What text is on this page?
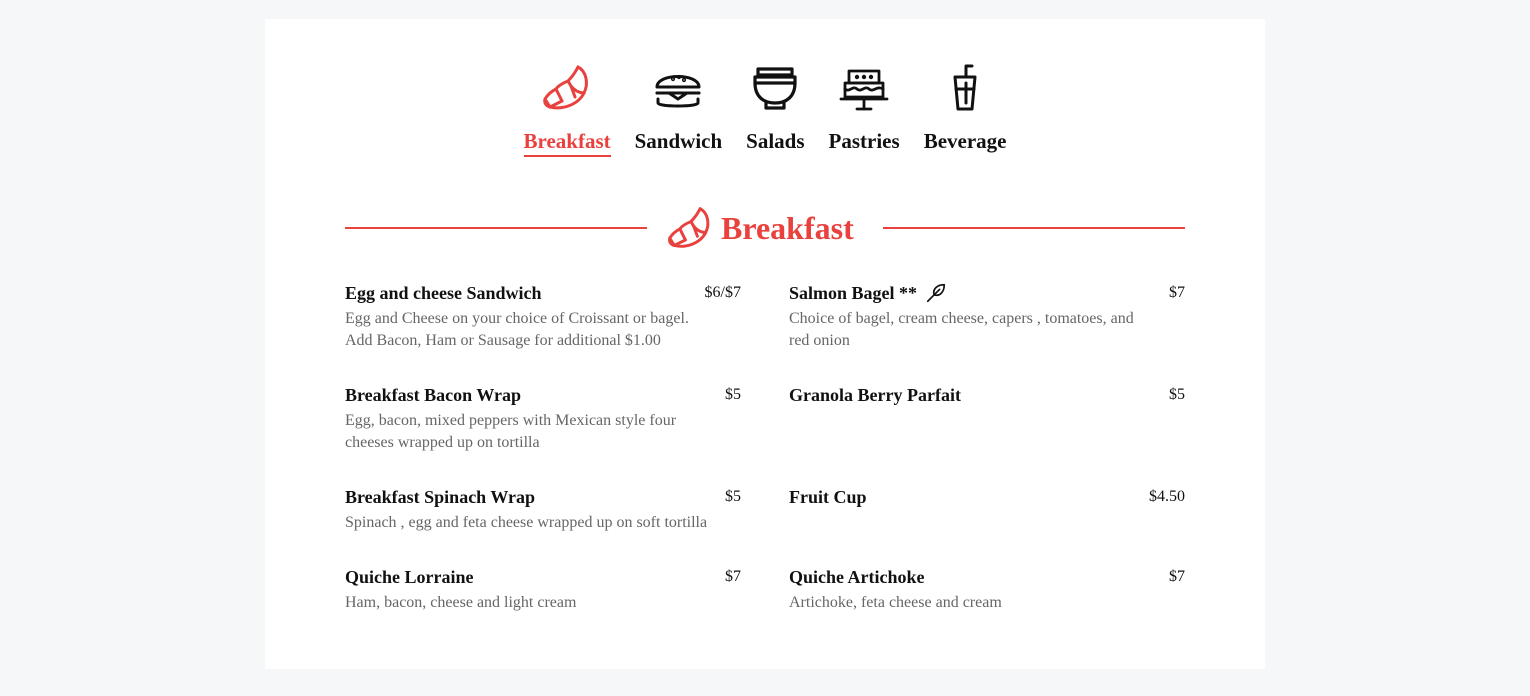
Breakfast Sandwich Salads Pastries Beverage
Breakfast
Egg and cheese Sandwich	$6/$7
Egg and Cheese on your choice of Croissant or bagel. Add Bacon, Ham or Sausage for additional $1.00
Salmon Bagel **	$7
Choice of bagel, cream cheese, capers , tomatoes, and red onion
Breakfast Bacon Wrap	$5
Egg, bacon, mixed peppers with Mexican style four cheeses wrapped up on tortilla
Granola Berry Parfait	$5
Breakfast Spinach Wrap	$5
Spinach , egg and feta cheese wrapped up on soft tortilla
Fruit Cup	$4.50
Quiche Lorraine	$7
Ham, bacon, cheese and light cream
Quiche Artichoke	$7
Artichoke, feta cheese and cream
